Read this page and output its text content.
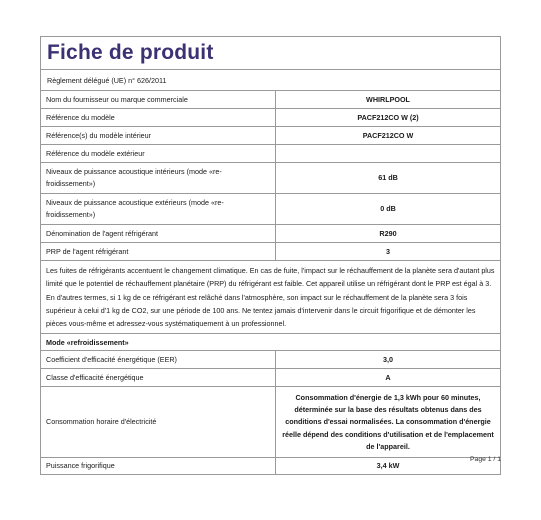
Fiche de produit
Règlement délégué (UE) n° 626/2011
Nom du fournisseur ou marque commerciale	WHIRLPOOL
Référence du modèle	PACF212CO W (2)
Référence(s) du modèle intérieur	PACF212CO W
Référence du modèle extérieur	
Niveaux de puissance acoustique intérieurs (mode «re-froidissement»)	61 dB
Niveaux de puissance acoustique extérieurs (mode «re-froidissement»)	0 dB
Dénomination de l'agent réfrigérant	R290
PRP de l'agent réfrigérant	3
Les fuites de réfrigérants accentuent le changement climatique. En cas de fuite, l'impact sur le réchauffement de la planète sera d'autant plus limité que le potentiel de réchauffement planétaire (PRP) du réfrigérant est faible. Cet appareil utilise un réfrigérant dont le PRP est égal à 3. En d'autres termes, si 1 kg de ce réfrigérant est relâché dans l'atmosphère, son impact sur le réchauffement de la planète sera 3 fois supérieur à celui d'1 kg de CO2, sur une période de 100 ans. Ne tentez jamais d'intervenir dans le circuit frigorifique et de démonter les pièces vous-même et adressez-vous systématiquement à un professionnel.
Mode «refroidissement»
Coefficient d'efficacité énergétique (EER)	3,0
Classe d'efficacité énergétique	A
Consommation horaire d'électricité	Consommation d'énergie de 1,3 kWh pour 60 minutes, déterminée sur la base des résultats obtenus dans des conditions d'essai normalisées. La consommation d'énergie réelle dépend des conditions d'utilisation et de l'emplacement de l'appareil.
Puissance frigorifique	3,4 kW
Page 1 / 1
